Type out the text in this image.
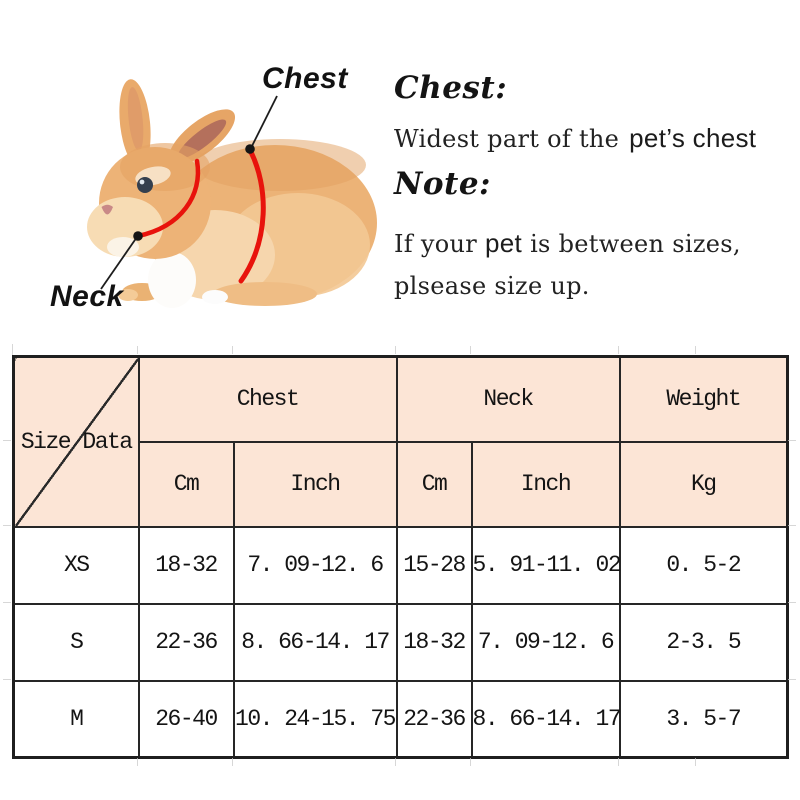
Chest
Neck
Chest:
Widest part of the pet’s chest
Note:
If your pet is between sizes,
plsease size up.
Size Data	Chest		Neck		Weight
	Cm	Inch	Cm	Inch	Kg
XS	18-32	7. 09-12. 6	15-28	5. 91-11. 02	0. 5-2
S	22-36	8. 66-14. 17	18-32	7. 09-12. 6	2-3. 5
M	26-40	10. 24-15. 75	22-36	8. 66-14. 17	3. 5-7
